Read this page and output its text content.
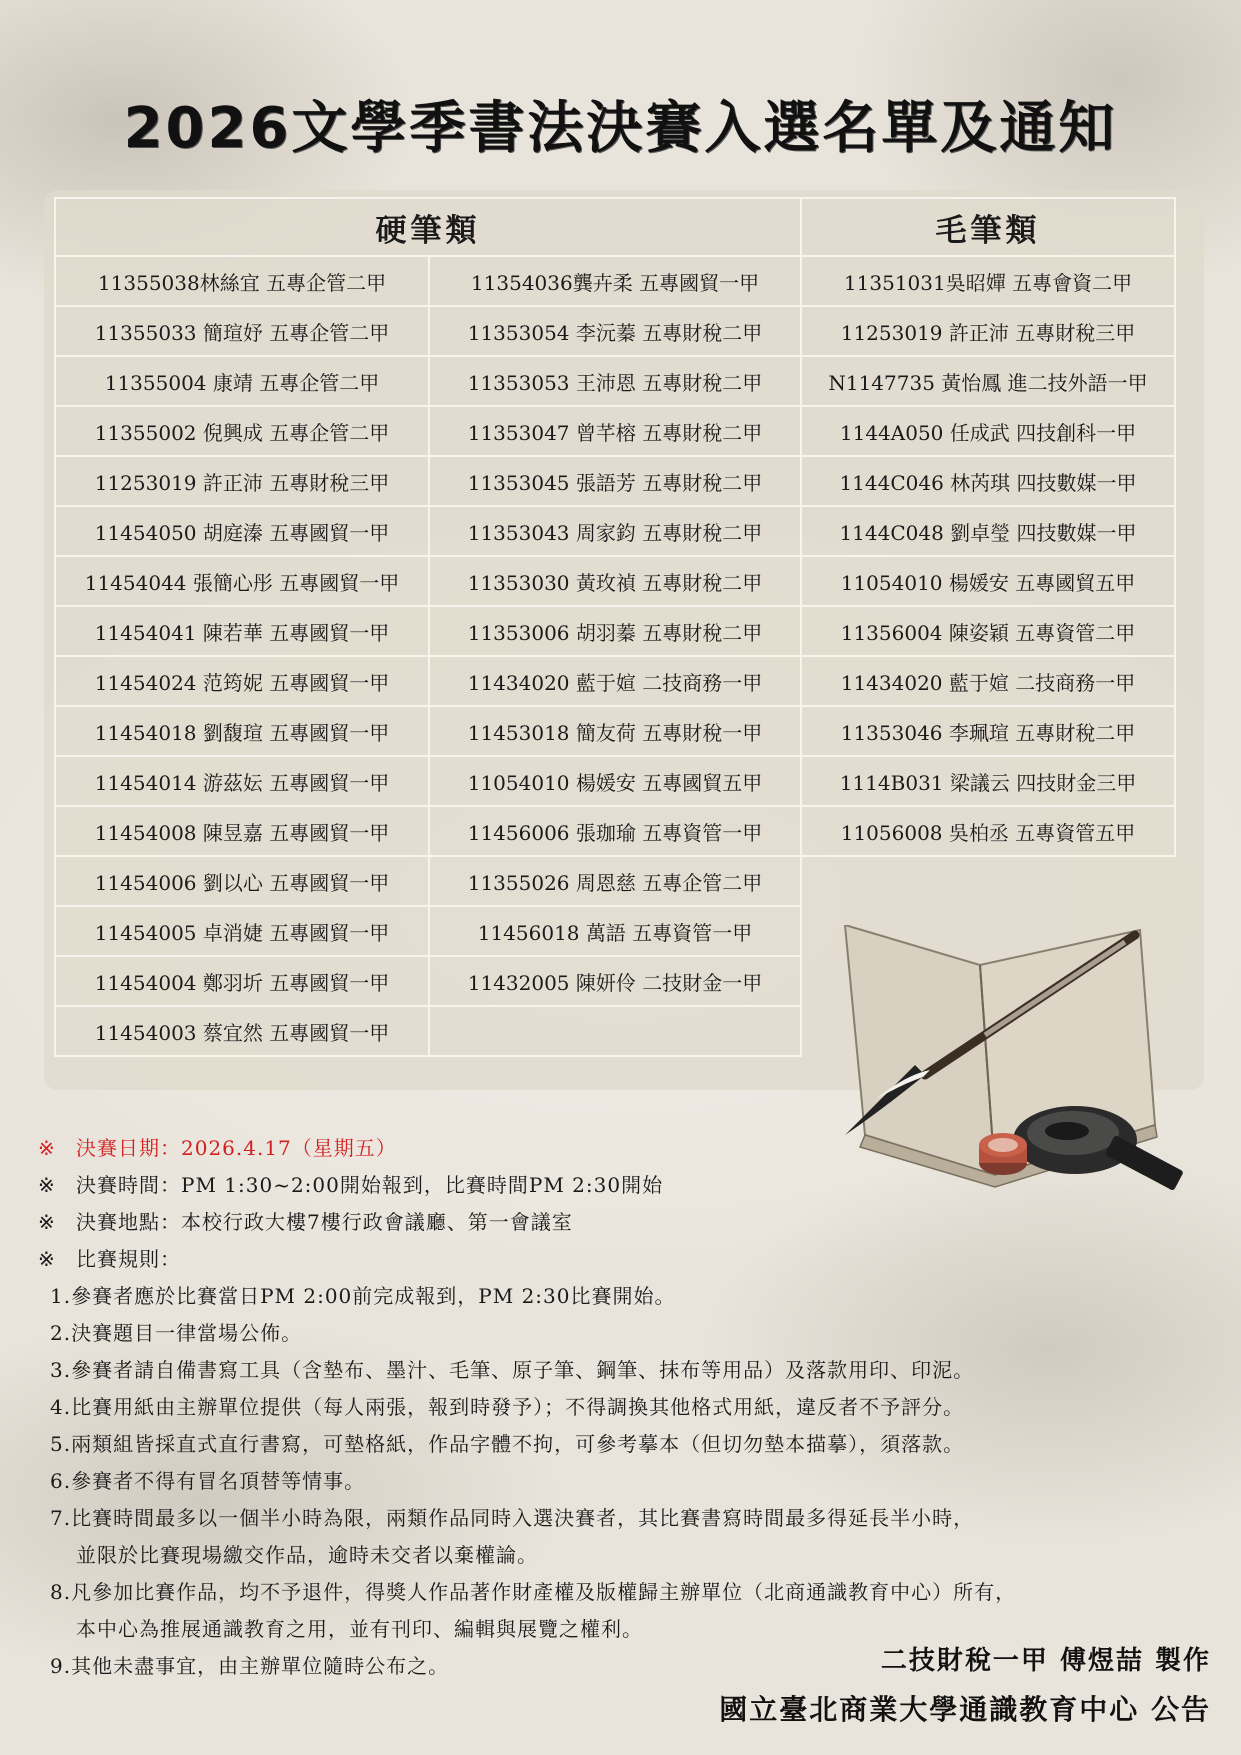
2026文學季書法決賽入選名單及通知
硬筆類		毛筆類
11355038林絲宜 五專企管二甲	11354036龔卉柔 五專國貿一甲	11351031吳昭嬋 五專會資二甲
11355033 簡瑄妤 五專企管二甲	11353054 李沅蓁 五專財稅二甲	11253019 許正沛 五專財稅三甲
11355004 康靖 五專企管二甲	11353053 王沛恩 五專財稅二甲	N1147735 黃怡鳳 進二技外語一甲
11355002 倪興成 五專企管二甲	11353047 曾芊榕 五專財稅二甲	1144A050 任成武 四技創科一甲
11253019 許正沛 五專財稅三甲	11353045 張語芳 五專財稅二甲	1144C046 林芮琪 四技數媒一甲
11454050 胡庭溱 五專國貿一甲	11353043 周家鈞 五專財稅二甲	1144C048 劉卓瑩 四技數媒一甲
11454044 張簡心彤 五專國貿一甲	11353030 黃玫禎 五專財稅二甲	11054010 楊媛安 五專國貿五甲
11454041 陳若華 五專國貿一甲	11353006 胡羽蓁 五專財稅二甲	11356004 陳姿穎 五專資管二甲
11454024 范筠妮 五專國貿一甲	11434020 藍于媗 二技商務一甲	11434020 藍于媗 二技商務一甲
11454018 劉馥瑄 五專國貿一甲	11453018 簡友荷 五專財稅一甲	11353046 李珮瑄 五專財稅二甲
11454014 游茲妘 五專國貿一甲	11054010 楊媛安 五專國貿五甲	1114B031 梁議云 四技財金三甲
11454008 陳昱嘉 五專國貿一甲	11456006 張珈瑜 五專資管一甲	11056008 吳柏丞 五專資管五甲
11454006 劉以心 五專國貿一甲	11355026 周恩慈 五專企管二甲	
11454005 卓消婕 五專國貿一甲	11456018 萬語 五專資管一甲	
11454004 鄭羽圻 五專國貿一甲	11432005 陳妍伶 二技財金一甲	
11454003 蔡宜然 五專國貿一甲		
※ 決賽日期：2026.4.17（星期五）
※ 決賽時間：PM 1:30~2:00開始報到，比賽時間PM 2:30開始
※ 決賽地點：本校行政大樓7樓行政會議廳、第一會議室
※ 比賽規則：
1.參賽者應於比賽當日PM 2:00前完成報到，PM 2:30比賽開始。
2.決賽題目一律當場公佈。
3.參賽者請自備書寫工具（含墊布、墨汁、毛筆、原子筆、鋼筆、抹布等用品）及落款用印、印泥。
4.比賽用紙由主辦單位提供（每人兩張，報到時發予）；不得調換其他格式用紙，違反者不予評分。
5.兩類組皆採直式直行書寫，可墊格紙，作品字體不拘，可參考摹本（但切勿墊本描摹），須落款。
6.參賽者不得有冒名頂替等情事。
7.比賽時間最多以一個半小時為限，兩類作品同時入選決賽者，其比賽書寫時間最多得延長半小時，
並限於比賽現場繳交作品，逾時未交者以棄權論。
8.凡參加比賽作品，均不予退件，得獎人作品著作財產權及版權歸主辦單位（北商通識教育中心）所有，
本中心為推展通識教育之用，並有刊印、編輯與展覽之權利。
9.其他未盡事宜，由主辦單位隨時公布之。	二技財稅一甲 傅煜喆 製作
國立臺北商業大學通識教育中心 公告
